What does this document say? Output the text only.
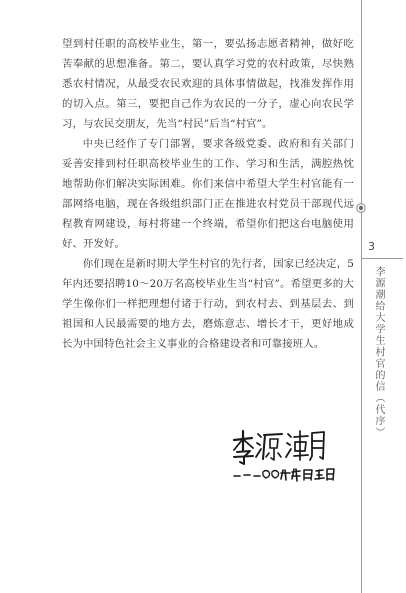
望到村任职的高校毕业生，第一，要弘扬志愿者精神，做好吃苦奉献的思想准备。第二，要认真学习党的农村政策，尽快熟悉农村情况，从最受农民欢迎的具体事情做起，找准发挥作用的切入点。第三，要把自己作为农民的一分子，虚心向农民学习，与农民交朋友，先当“村民”后当“村官”。

中央已经作了专门部署，要求各级党委、政府和有关部门妥善安排到村任职高校毕业生的工作、学习和生活，满腔热忱地帮助你们解决实际困难。你们来信中希望大学生村官能有一部网络电脑，现在各级组织部门正在推进农村党员干部现代远程教育网建设，每村将建一个终端，希望你们把这台电脑使用好、开发好。

你们现在是新时期大学生村官的先行者，国家已经决定，5年内还要招聘10～20万名高校毕业生当“村官”。希望更多的大学生像你们一样把理想付诸于行动，到农村去、到基层去、到祖国和人民最需要的地方去，磨炼意志、增长才干，更好地成长为中国特色社会主义事业的合格建设者和可靠接班人。

3
李源潮给大学生村官的信（代序）
